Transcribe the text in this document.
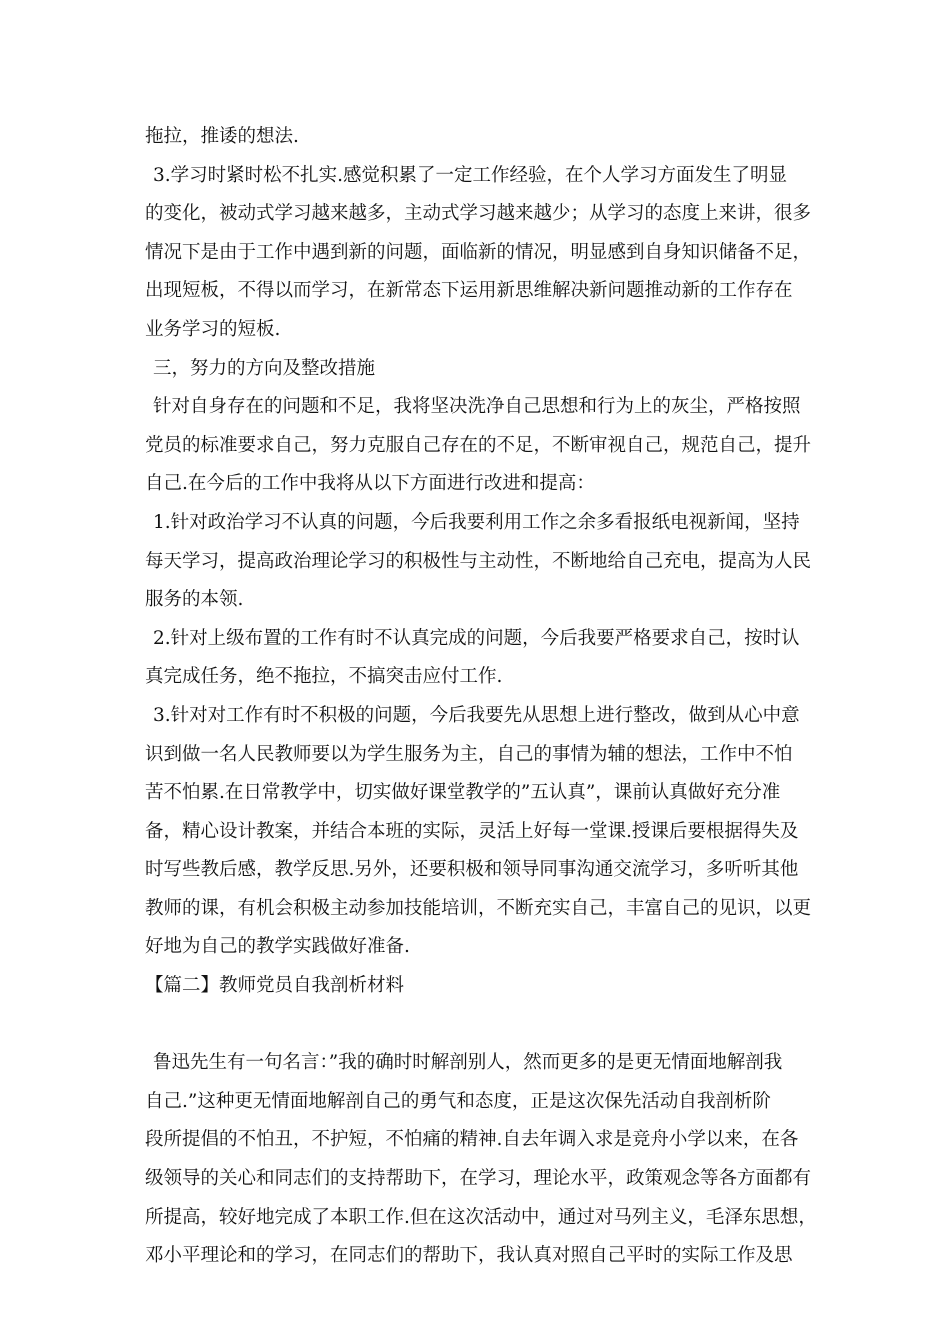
拖拉，推诿的想法.
3.学习时紧时松不扎实.感觉积累了一定工作经验，在个人学习方面发生了明显
的变化，被动式学习越来越多，主动式学习越来越少；从学习的态度上来讲，很多
情况下是由于工作中遇到新的问题，面临新的情况，明显感到自身知识储备不足，
出现短板，不得以而学习，在新常态下运用新思维解决新问题推动新的工作存在
业务学习的短板.
三，努力的方向及整改措施
针对自身存在的问题和不足，我将坚决洗净自己思想和行为上的灰尘，严格按照
党员的标准要求自己，努力克服自己存在的不足，不断审视自己，规范自己，提升
自己.在今后的工作中我将从以下方面进行改进和提高：
1.针对政治学习不认真的问题，今后我要利用工作之余多看报纸电视新闻，坚持
每天学习，提高政治理论学习的积极性与主动性，不断地给自己充电，提高为人民
服务的本领.
2.针对上级布置的工作有时不认真完成的问题，今后我要严格要求自己，按时认
真完成任务，绝不拖拉，不搞突击应付工作.
3.针对对工作有时不积极的问题，今后我要先从思想上进行整改，做到从心中意
识到做一名人民教师要以为学生服务为主，自己的事情为辅的想法，工作中不怕
苦不怕累.在日常教学中，切实做好课堂教学的”五认真”，课前认真做好充分准
备，精心设计教案，并结合本班的实际，灵活上好每一堂课.授课后要根据得失及
时写些教后感，教学反思.另外，还要积极和领导同事沟通交流学习，多听听其他
教师的课，有机会积极主动参加技能培训，不断充实自己，丰富自己的见识，以更
好地为自己的教学实践做好准备.
【篇二】教师党员自我剖析材料
鲁迅先生有一句名言：”我的确时时解剖别人，然而更多的是更无情面地解剖我
自己.”这种更无情面地解剖自己的勇气和态度，正是这次保先活动自我剖析阶
段所提倡的不怕丑，不护短，不怕痛的精神.自去年调入求是竞舟小学以来，在各
级领导的关心和同志们的支持帮助下，在学习，理论水平，政策观念等各方面都有
所提高，较好地完成了本职工作.但在这次活动中，通过对马列主义，毛泽东思想，
邓小平理论和的学习，在同志们的帮助下，我认真对照自己平时的实际工作及思
